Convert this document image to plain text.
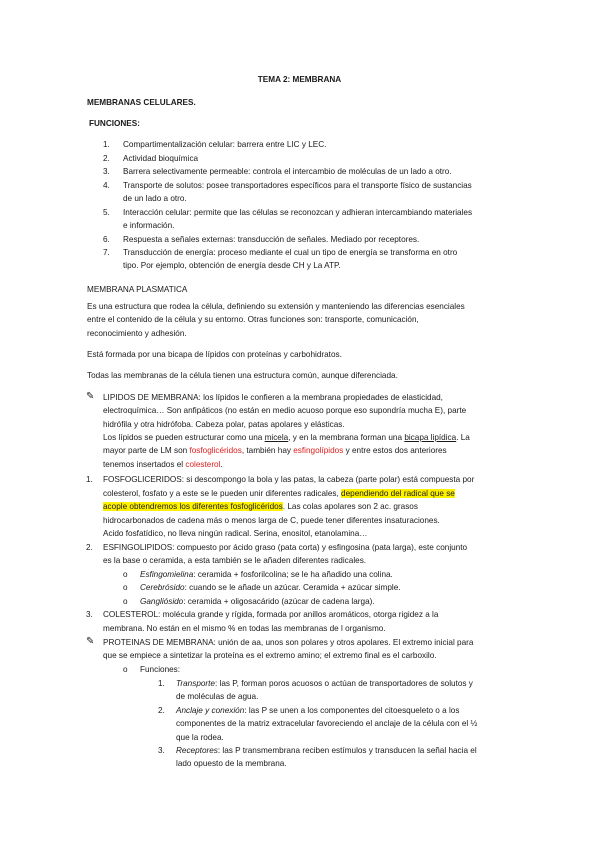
TEMA 2: MEMBRANA
MEMBRANAS CELULARES.
FUNCIONES:
1.	Compartimentalización celular: barrera entre LIC y LEC.
2.	Actividad bioquímica
3.	Barrera selectivamente permeable: controla el intercambio de moléculas de un lado a otro.
4.	Transporte de solutos: posee transportadores específicos para el transporte físico de sustancias
de un lado a otro.
5.	Interacción celular: permite que las células se reconozcan y adhieran intercambiando materiales
e información.
6.	Respuesta a señales externas: transducción de señales. Mediado por receptores.
7.	Transducción de energía: proceso mediante el cual un tipo de energía se transforma en otro
tipo. Por ejemplo, obtención de energía desde CH y La ATP.
MEMBRANA PLASMATICA
Es una estructura que rodea la célula, definiendo su extensión y manteniendo las diferencias esenciales
entre el contenido de la célula y su entorno. Otras funciones son: transporte, comunicación,
reconocimiento y adhesión.
Está formada por una bicapa de lípidos con proteínas y carbohidratos.
Todas las membranas de la célula tienen una estructura común, aunque diferenciada.
✎	LIPIDOS DE MEMBRANA: los lípidos le confieren a la membrana propiedades de elasticidad,
electroquímica… Son anfipáticos (no están en medio acuoso porque eso supondría mucha E), parte
hidrófila y otra hidrófoba. Cabeza polar, patas apolares y elásticas.
Los lípidos se pueden estructurar como una micela, y en la membrana forman una bicapa lipídica. La
mayor parte de LM son fosfoglicéridos, también hay esfingolípidos y entre estos dos anteriores
tenemos insertados el colesterol.
1.	FOSFOGLICERIDOS: si descompongo la bola y las patas, la cabeza (parte polar) está compuesta por
colesterol, fosfato y a este se le pueden unir diferentes radicales, dependiendo del radical que se
acople obtendremos los diferentes fosfoglicéridos. Las colas apolares son 2 ac. grasos
hidrocarbonados de cadena más o menos larga de C, puede tener diferentes insaturaciones.
Acido fosfatídico, no lleva ningún radical. Serina, enositol, etanolamina…
2.	ESFINGOLIPIDOS: compuesto por ácido graso (pata corta) y esfingosina (pata larga), este conjunto
es la base o ceramida, a esta también se le añaden diferentes radicales.
o Esfingomielina: ceramida + fosforilcolina; se le ha añadido una colina.
o Cerebrósido: cuando se le añade un azúcar. Ceramida + azúcar simple.
o Gangliósido: ceramida + oligosacárido (azúcar de cadena larga).
3.	COLESTEROL: molécula grande y rígida, formada por anillos aromáticos, otorga rigidez a la
membrana. No están en el mismo % en todas las membranas de l organismo.
✎	PROTEINAS DE MEMBRANA: unión de aa, unos son polares y otros apolares. El extremo inicial para
que se empiece a sintetizar la proteína es el extremo amino; el extremo final es el carboxilo.
o Funciones:
1. Transporte: las P, forman poros acuosos o actúan de transportadores de solutos y
de moléculas de agua.
2. Anclaje y conexión: las P se unen a los componentes del citoesqueleto o a los
componentes de la matriz extracelular favoreciendo el anclaje de la célula con el ½
que la rodea.
3. Receptores: las P transmembrana reciben estímulos y transducen la señal hacia el
lado opuesto de la membrana.
